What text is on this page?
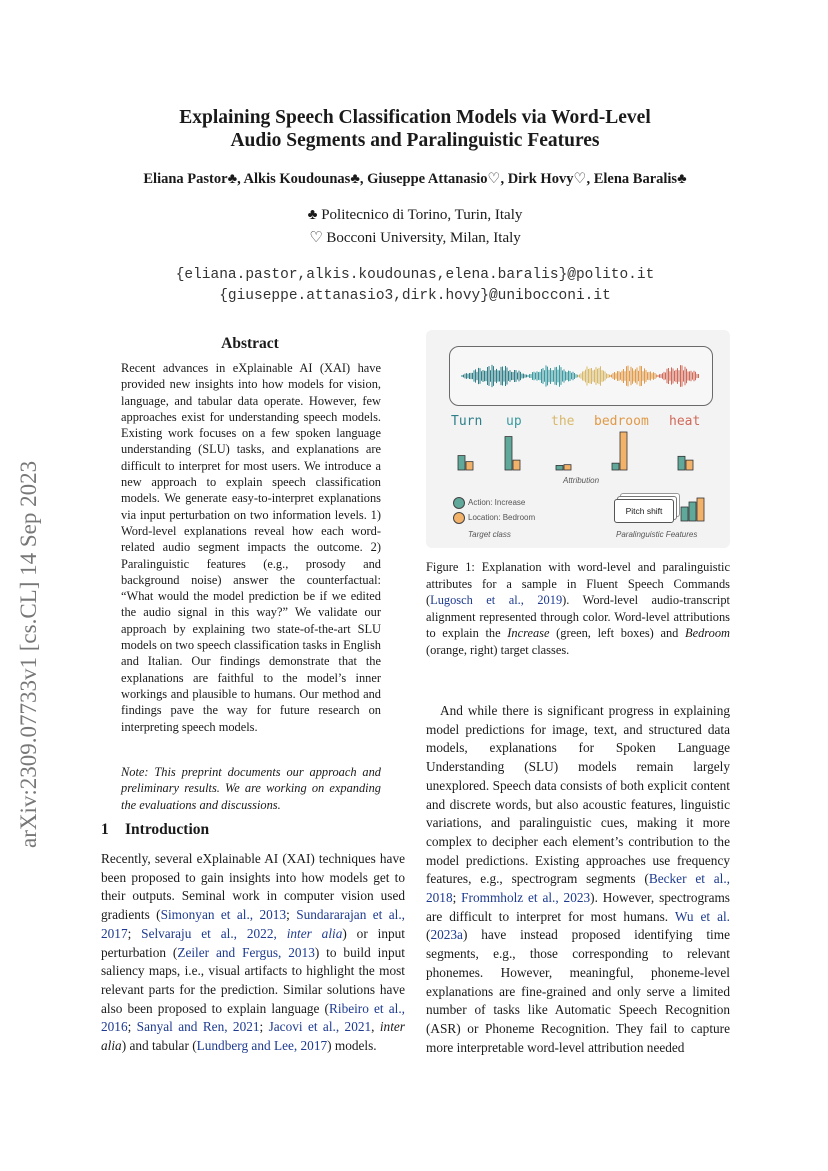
Explaining Speech Classification Models via Word-Level
Audio Segments and Paralinguistic Features
Eliana Pastor♣, Alkis Koudounas♣, Giuseppe Attanasio♡, Dirk Hovy♡, Elena Baralis♣
♣ Politecnico di Torino, Turin, Italy
♡ Bocconi University, Milan, Italy
{eliana.pastor,alkis.koudounas,elena.baralis}@polito.it
{giuseppe.attanasio3,dirk.hovy}@unibocconi.it
arXiv:2309.07733v1 [cs.CL] 14 Sep 2023
Abstract
Recent advances in eXplainable AI (XAI) have provided new insights into how models for vision, language, and tabular data operate. However, few approaches exist for understanding speech models. Existing work focuses on a few spoken language understanding (SLU) tasks, and explanations are difficult to interpret for most users. We introduce a new approach to explain speech classification models. We generate easy-to-interpret explanations via input perturbation on two information levels. 1) Word-level explanations reveal how each word-related audio segment impacts the outcome. 2) Paralinguistic features (e.g., prosody and background noise) answer the counterfactual: “What would the model prediction be if we edited the audio signal in this way?” We validate our approach by explaining two state-of-the-art SLU models on two speech classification tasks in English and Italian. Our findings demonstrate that the explanations are faithful to the model’s inner workings and plausible to humans. Our method and findings pave the way for future research on interpreting speech models.
Note: This preprint documents our approach and preliminary results. We are working on expanding the evaluations and discussions.
1 Introduction
Recently, several eXplainable AI (XAI) techniques have been proposed to gain insights into how models get to their outputs. Seminal work in computer vision used gradients (Simonyan et al., 2013; Sundararajan et al., 2017; Selvaraju et al., 2022, inter alia) or input perturbation (Zeiler and Fergus, 2013) to build input saliency maps, i.e., visual artifacts to highlight the most relevant parts for the prediction. Similar solutions have also been proposed to explain language (Ribeiro et al., 2016; Sanyal and Ren, 2021; Jacovi et al., 2021, inter alia) and tabular (Lundberg and Lee, 2017) models.
And while there is significant progress in explaining model predictions for image, text, and structured data models, explanations for Spoken Language Understanding (SLU) models remain largely unexplored. Speech data consists of both explicit content and discrete words, but also acoustic features, linguistic variations, and paralinguistic cues, making it more complex to decipher each element’s contribution to the model predictions. Existing approaches use frequency features, e.g., spectrogram segments (Becker et al., 2018; Frommholz et al., 2023). However, spectrograms are difficult to interpret for most humans. Wu et al. (2023a) have instead proposed identifying time segments, e.g., those corresponding to relevant phonemes. However, meaningful, phoneme-level explanations are fine-grained and only serve a limited number of tasks like Automatic Speech Recognition (ASR) or Phoneme Recognition. They fail to capture more interpretable word-level attribution needed
Turn up the bedroom heat
Attribution
Action: Increase
Location: Bedroom
Target class
Pitch shift
Paralinguistic Features
Figure 1: Explanation with word-level and paralinguistic attributes for a sample in Fluent Speech Commands (Lugosch et al., 2019). Word-level audio-transcript alignment represented through color. Word-level attributions to explain the Increase (green, left boxes) and Bedroom (orange, right) target classes.
